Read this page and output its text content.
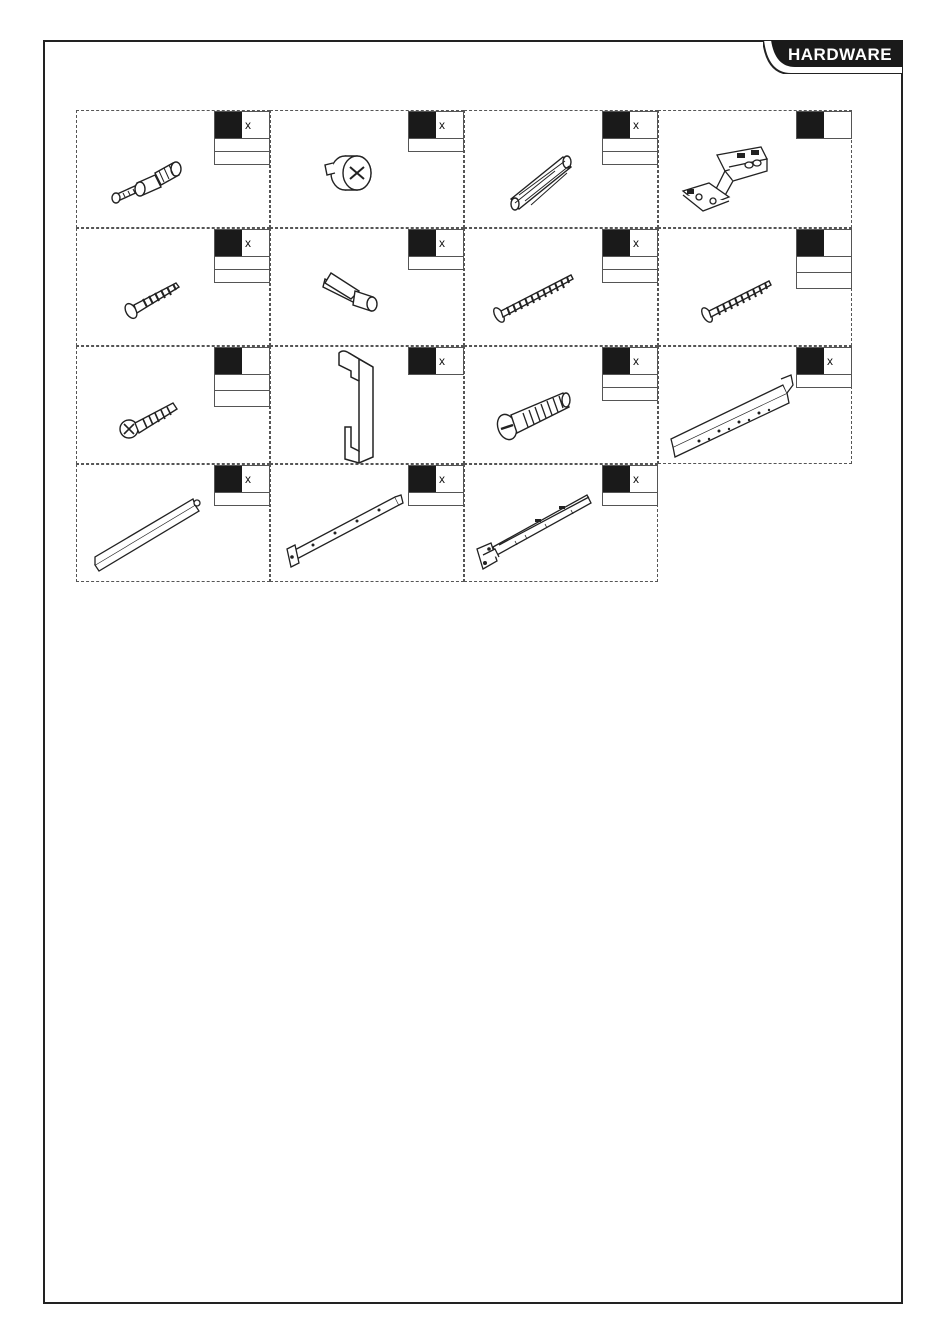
HARDWARE
x	x	x
x	x	x
x	x	x
x	x	x
